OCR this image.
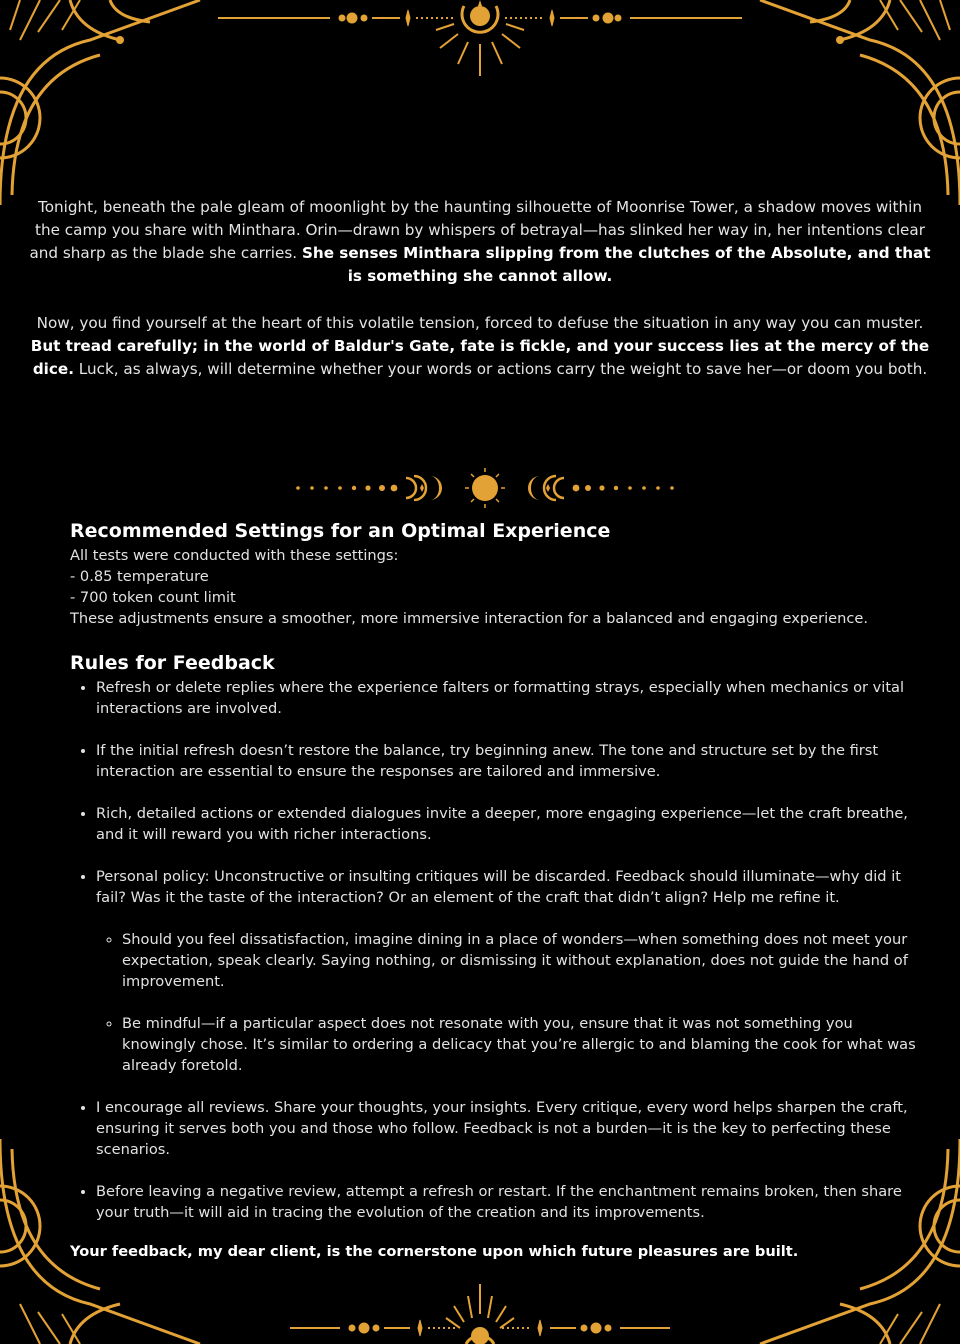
Tonight, beneath the pale gleam of moonlight by the haunting silhouette of Moonrise Tower, a shadow moves within the camp you share with Minthara. Orin—drawn by whispers of betrayal—has slinked her way in, her intentions clear and sharp as the blade she carries. She senses Minthara slipping from the clutches of the Absolute, and that is something she cannot allow.

Now, you find yourself at the heart of this volatile tension, forced to defuse the situation in any way you can muster. But tread carefully; in the world of Baldur's Gate, fate is fickle, and your success lies at the mercy of the dice. Luck, as always, will determine whether your words or actions carry the weight to save her—or doom you both.

Recommended Settings for an Optimal Experience

All tests were conducted with these settings:

- 0.85 temperature

- 700 token count limit

These adjustments ensure a smoother, more immersive interaction for a balanced and engaging experience.

Rules for Feedback
• Refresh or delete replies where the experience falters or formatting strays, especially when mechanics or vital interactions are involved.
• If the initial refresh doesn’t restore the balance, try beginning anew. The tone and structure set by the first interaction are essential to ensure the responses are tailored and immersive.
• Rich, detailed actions or extended dialogues invite a deeper, more engaging experience—let the craft breathe, and it will reward you with richer interactions.
• Personal policy: Unconstructive or insulting critiques will be discarded. Feedback should illuminate—why did it fail? Was it the taste of the interaction? Or an element of the craft that didn’t align? Help me refine it.
◦ Should you feel dissatisfaction, imagine dining in a place of wonders—when something does not meet your expectation, speak clearly. Saying nothing, or dismissing it without explanation, does not guide the hand of improvement.
◦ Be mindful—if a particular aspect does not resonate with you, ensure that it was not something you knowingly chose. It’s similar to ordering a delicacy that you’re allergic to and blaming the cook for what was already foretold.
• I encourage all reviews. Share your thoughts, your insights. Every critique, every word helps sharpen the craft, ensuring it serves both you and those who follow. Feedback is not a burden—it is the key to perfecting these scenarios.
• Before leaving a negative review, attempt a refresh or restart. If the enchantment remains broken, then share your truth—it will aid in tracing the evolution of the creation and its improvements.

Your feedback, my dear client, is the cornerstone upon which future pleasures are built.
